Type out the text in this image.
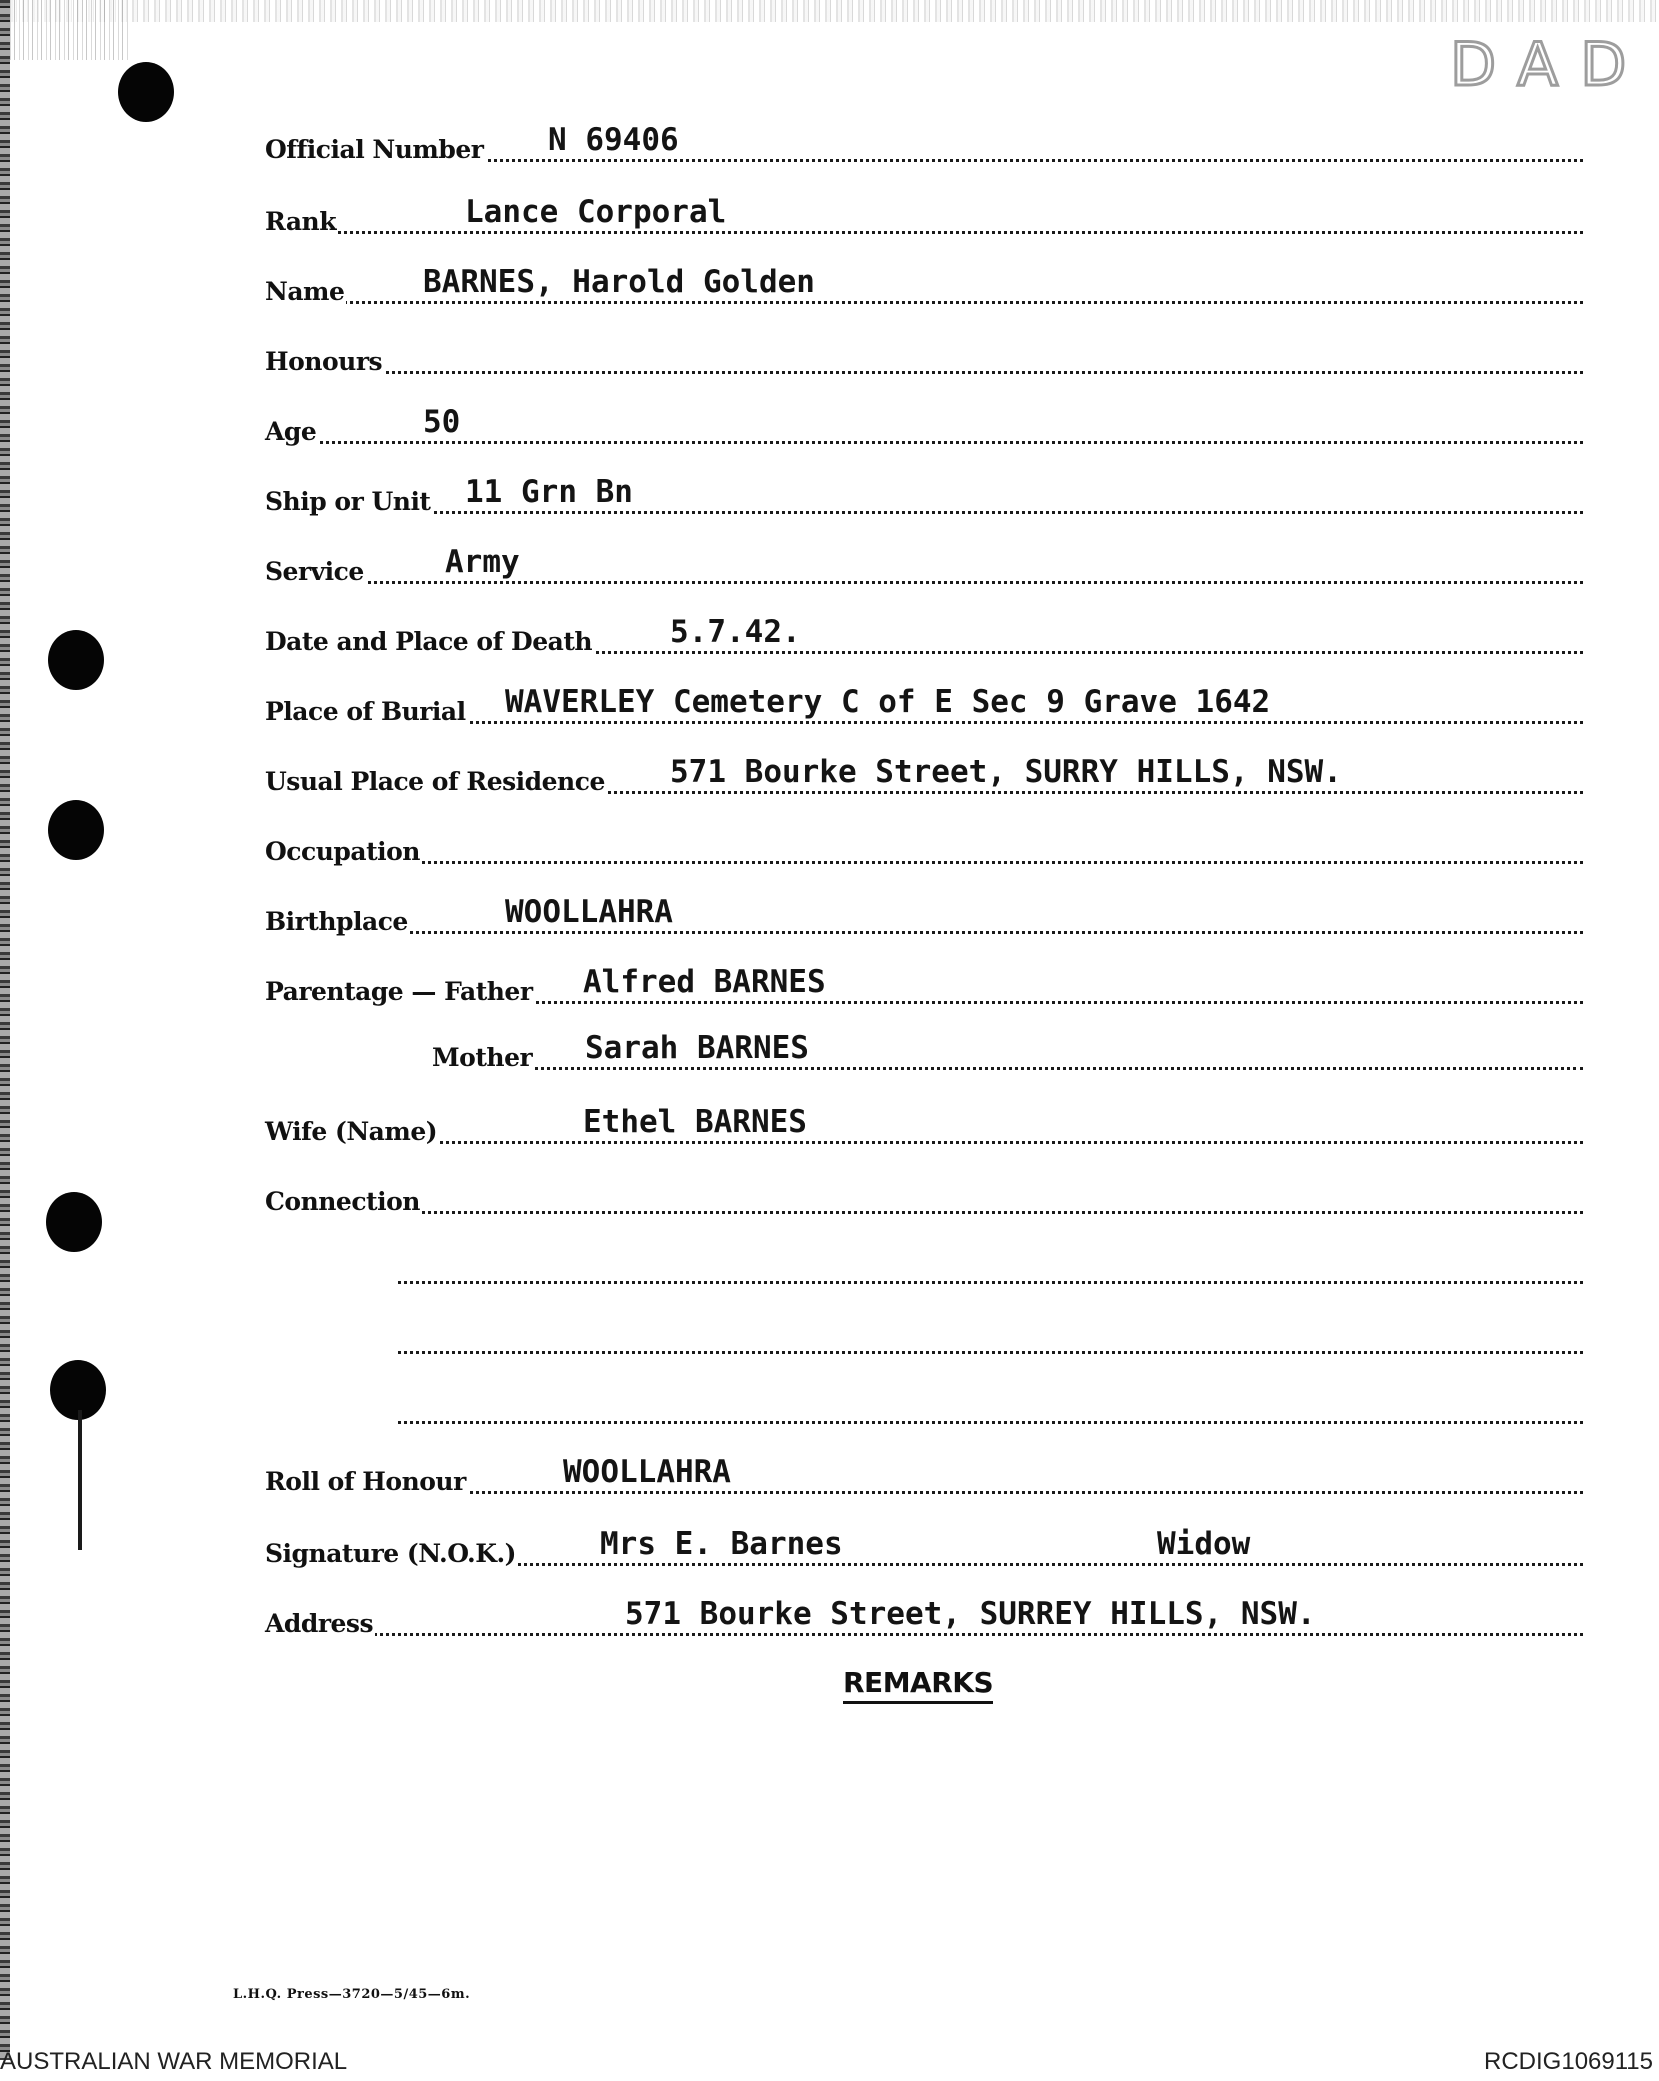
DAD
Official Number N 69406
Rank	Lance Corporal
Name	BARNES, Harold Golden
Honours
Age	50
Ship or Unit 11 Grn Bn
Service	Army
Date and Place of Death	5.7.42.
Place of Burial WAVERLEY Cemetery C of E Sec 9 Grave 1642
Usual Place of Residence 571 Bourke Street, SURRY HILLS, NSW.
Occupation
Birthplace	WOOLLAHRA
Parentage — Father Alfred BARNES
Mother Sarah BARNES
Wife (Name)	Ethel BARNES
Connection
Roll of Honour	WOOLLAHRA
Signature (N.O.K.)	Mrs E. Barnes	Widow
Address	571 Bourke Street, SURREY HILLS, NSW.
REMARKS
L.H.Q. Press—3720—5/45—6m.
AUSTRALIAN WAR MEMORIAL	RCDIG1069115
